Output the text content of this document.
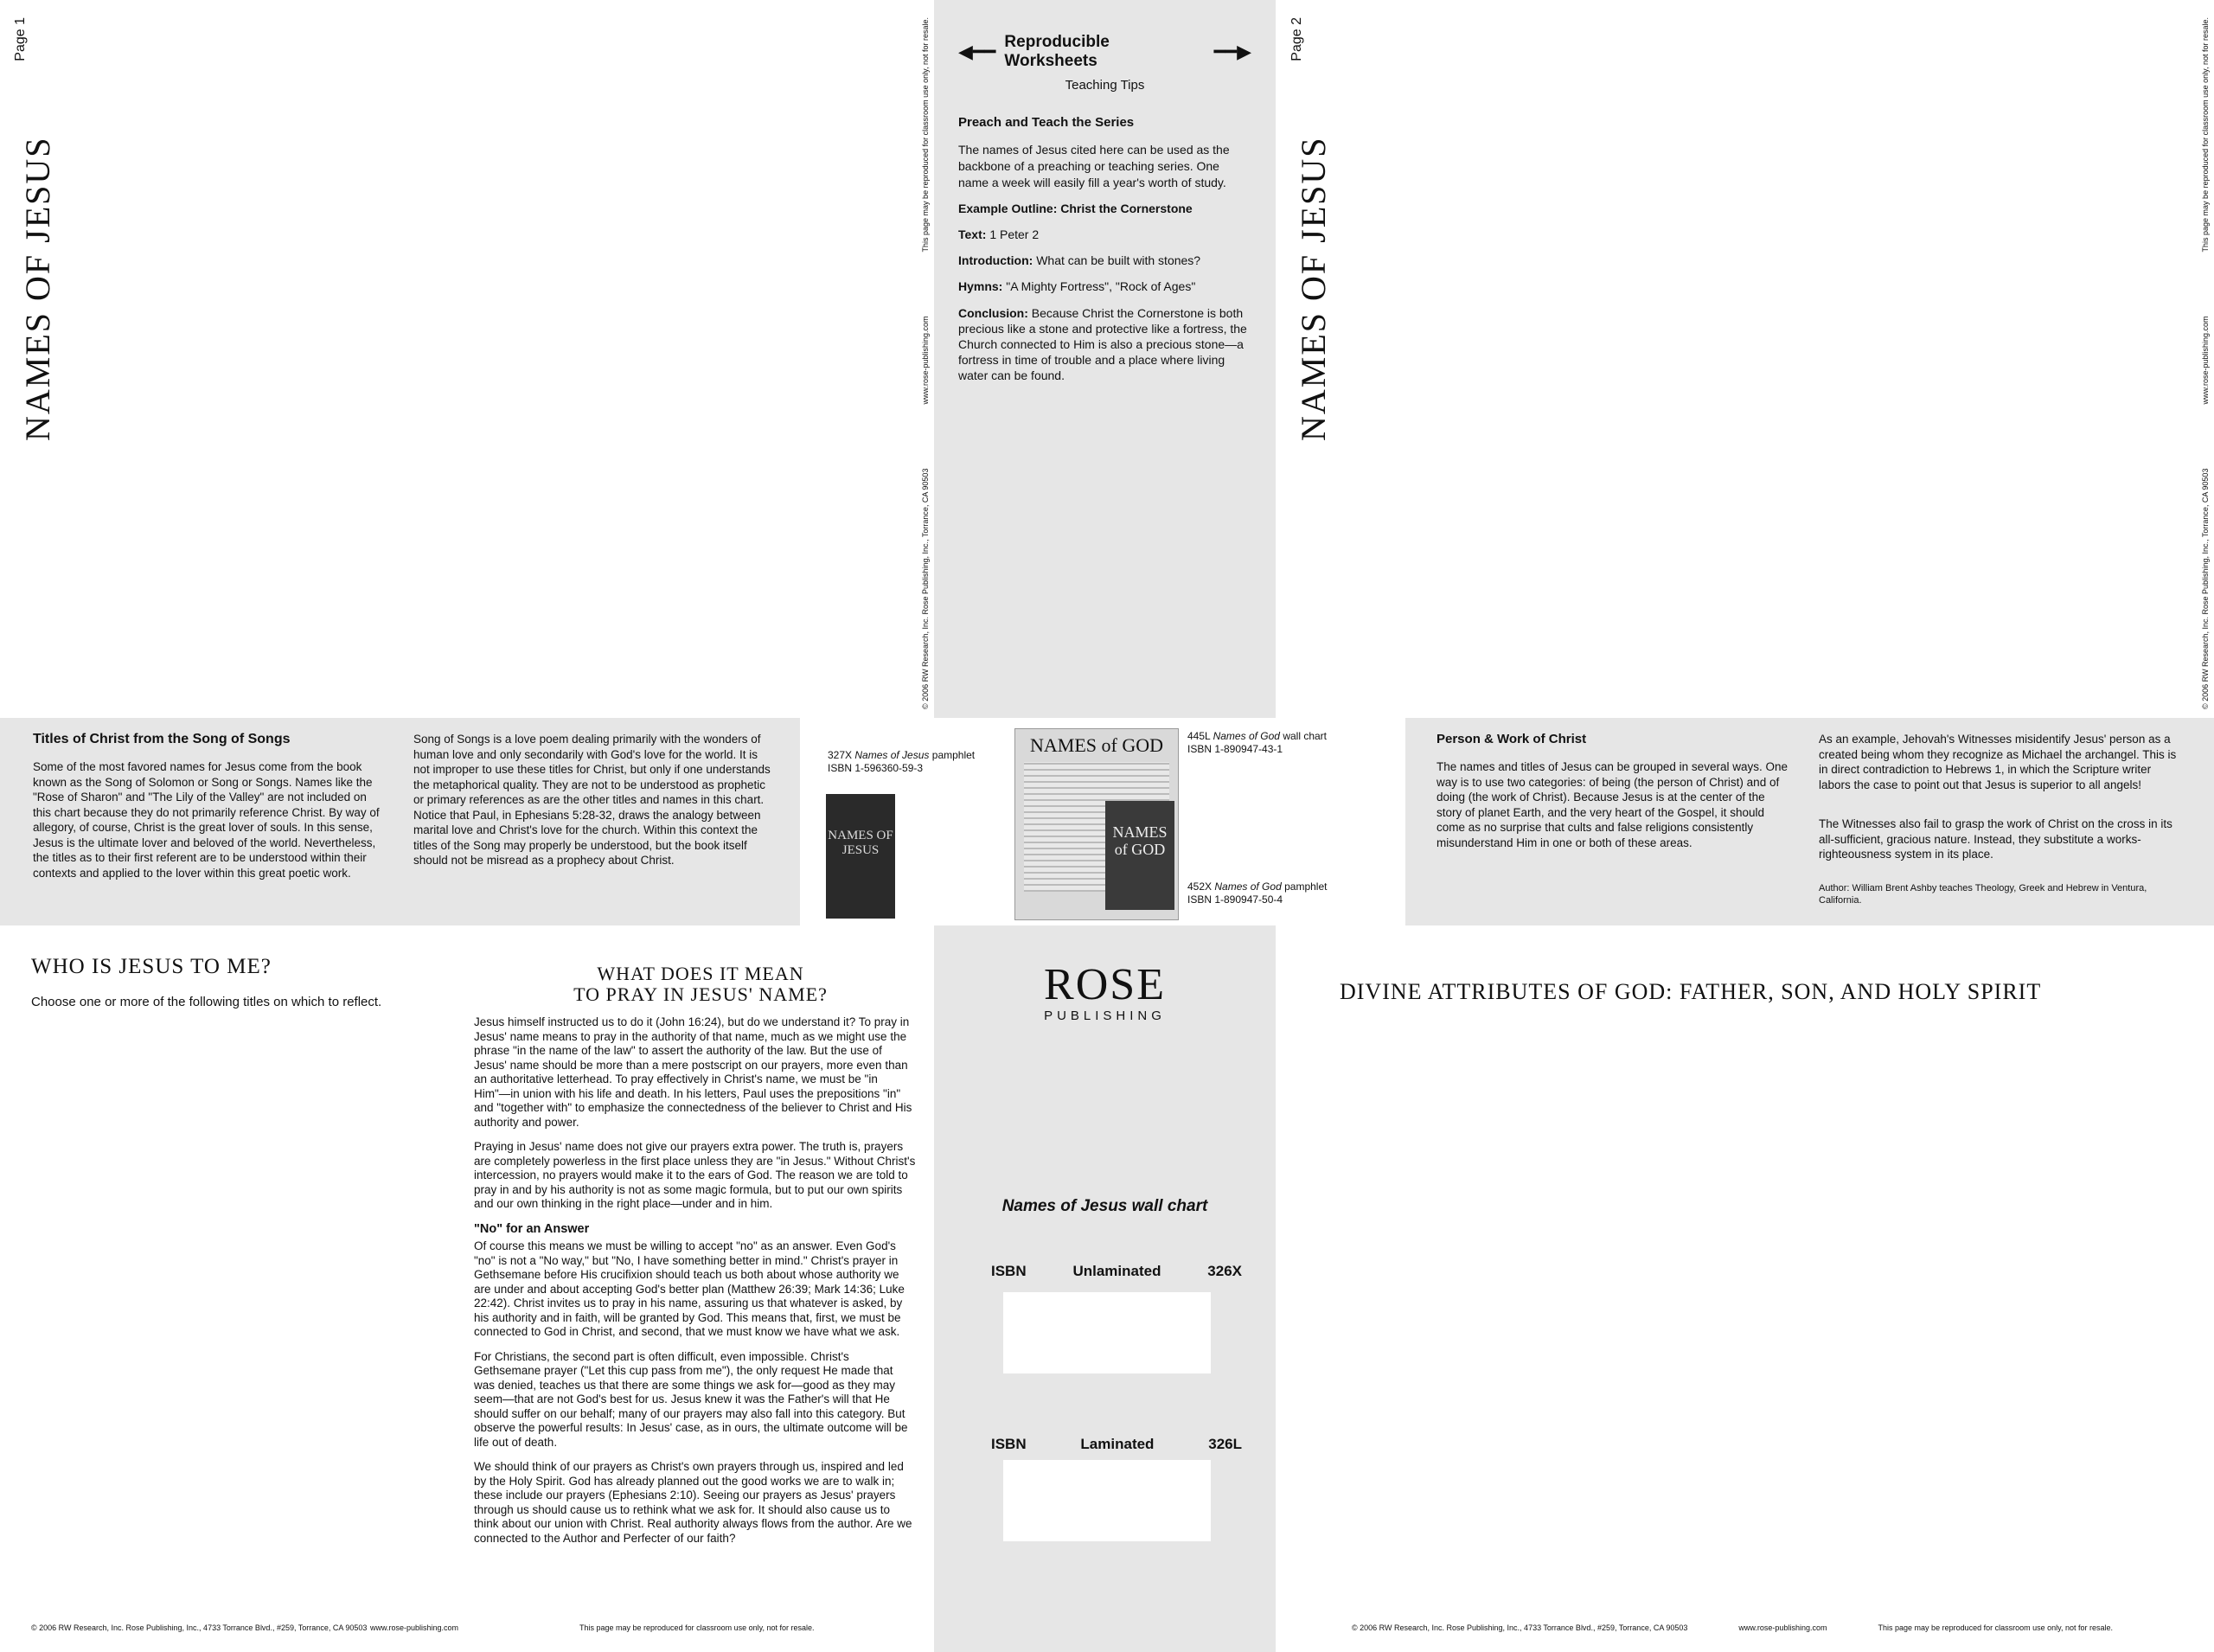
Page 1
NAMES OF JESUS
© 2006 RW Research, Inc. Rose Publishing, Inc., Torrance, CA 90503
www.rose-publishing.com
This page may be reproduced for classroom use only, not for resale. ◀━━ Reproducible Worksheets	━━▶
Teaching Tips
Preach and Teach the Series
The names of Jesus cited here can be used as the backbone of a preaching or teaching series. One name a week will easily fill a year's worth of study.
Example Outline: Christ the Cornerstone
Text: 1 Peter 2
Introduction: What can be built with stones?
Hymns: "A Mighty Fortress", "Rock of Ages"
Conclusion: Because Christ the Cornerstone is both precious like a stone and protective like a fortress, the Church connected to Him is also a precious stone—a fortress in time of trouble and a place where living water can be found.
Page 2
NAMES OF JESUS
© 2006 RW Research, Inc. Rose Publishing, Inc., Torrance, CA 90503
www.rose-publishing.com
This page may be reproduced for classroom use only, not for resale.
Titles of Christ from the Song of Songs
Some of the most favored names for Jesus come from the book known as the Song of Solomon or Song or Songs. Names like the "Rose of Sharon" and "The Lily of the Valley" are not included on this chart because they do not primarily reference Christ. By way of allegory, of course, Christ is the great lover of souls. In this sense, Jesus is the ultimate lover and beloved of the world. Nevertheless, the titles as to their first referent are to be understood within their contexts and applied to the lover within this great poetic work.
Song of Songs is a love poem dealing primarily with the wonders of human love and only secondarily with God's love for the world. It is not improper to use these titles for Christ, but only if one understands the metaphorical quality. They are not to be understood as prophetic or primary references as are the other titles and names in this chart. Notice that Paul, in Ephesians 5:28-32, draws the analogy between marital love and Christ's love for the church. Within this context the titles of the Song may properly be understood, but the book itself should not be misread as a prophecy about Christ.
327X Names of Jesus pamphlet
ISBN 1-596360-59-3
NAMES OF JESUS
NAMES of GOD
NAMES of GOD
445L Names of God wall chart
ISBN 1-890947-43-1
452X Names of God pamphlet
ISBN 1-890947-50-4
Person & Work of Christ
The names and titles of Jesus can be grouped in several ways. One way is to use two categories: of being (the person of Christ) and of doing (the work of Christ). Because Jesus is at the center of the story of planet Earth, and the very heart of the Gospel, it should come as no surprise that cults and false religions consistently misunderstand Him in one or both of these areas.
As an example, Jehovah's Witnesses misidentify Jesus' person as a created being whom they recognize as Michael the archangel. This is in direct contradiction to Hebrews 1, in which the Scripture writer labors the case to point out that Jesus is superior to all angels!
The Witnesses also fail to grasp the work of Christ on the cross in its all-sufficient, gracious nature. Instead, they substitute a works-righteousness system in its place.
Author: William Brent Ashby teaches Theology, Greek and Hebrew in Ventura, California.
WHO IS JESUS TO ME?
Choose one or more of the following titles on which to reflect.
© 2006 RW Research, Inc. Rose Publishing, Inc., 4733 Torrance Blvd., #259, Torrance, CA 90503 www.rose-publishing.com
WHAT DOES IT MEAN
TO PRAY IN JESUS' NAME?

Jesus himself instructed us to do it (John 16:24), but do we understand it? To pray in Jesus' name means to pray in the authority of that name, much as we might use the phrase "in the name of the law" to assert the authority of the law. But the use of Jesus' name should be more than a mere postscript on our prayers, more even than an authoritative letterhead. To pray effectively in Christ's name, we must be "in Him"—in union with his life and death. In his letters, Paul uses the prepositions "in" and "together with" to emphasize the connectedness of the believer to Christ and His authority and power.

Praying in Jesus' name does not give our prayers extra power. The truth is, prayers are completely powerless in the first place unless they are "in Jesus." Without Christ's intercession, no prayers would make it to the ears of God. The reason we are told to pray in and by his authority is not as some magic formula, but to put our own spirits and our own thinking in the right place—under and in him.

"No" for an Answer

Of course this means we must be willing to accept "no" as an answer. Even God's "no" is not a "No way," but "No, I have something better in mind." Christ's prayer in Gethsemane before His crucifixion should teach us both about whose authority we are under and about accepting God's better plan (Matthew 26:39; Mark 14:36; Luke 22:42). Christ invites us to pray in his name, assuring us that whatever is asked, by his authority and in faith, will be granted by God. This means that, first, we must be connected to God in Christ, and second, that we must know we have what we ask.

For Christians, the second part is often difficult, even impossible. Christ's Gethsemane prayer ("Let this cup pass from me"), the only request He made that was denied, teaches us that there are some things we ask for—good as they may seem—that are not God's best for us. Jesus knew it was the Father's will that He should suffer on our behalf; many of our prayers may also fall into this category. But observe the powerful results: In Jesus' case, as in ours, the ultimate outcome will be life out of death.

We should think of our prayers as Christ's own prayers through us, inspired and led by the Holy Spirit. God has already planned out the good works we are to walk in; these include our prayers (Ephesians 2:10). Seeing our prayers as Jesus' prayers through us should cause us to rethink what we ask for. It should also cause us to think about our union with Christ. Real authority always flows from the author. Are we connected to the Author and Perfecter of our faith?

This page may be reproduced for classroom use only, not for resale.
ROSE
PUBLISHING
Names of Jesus wall chart
ISBN	Unlaminated	326X
ISBN	Laminated	326L
DIVINE ATTRIBUTES OF GOD: FATHER, SON, AND HOLY SPIRIT
© 2006 RW Research, Inc. Rose Publishing, Inc., 4733 Torrance Blvd., #259, Torrance, CA 90503	www.rose-publishing.com	This page may be reproduced for classroom use only, not for resale.
